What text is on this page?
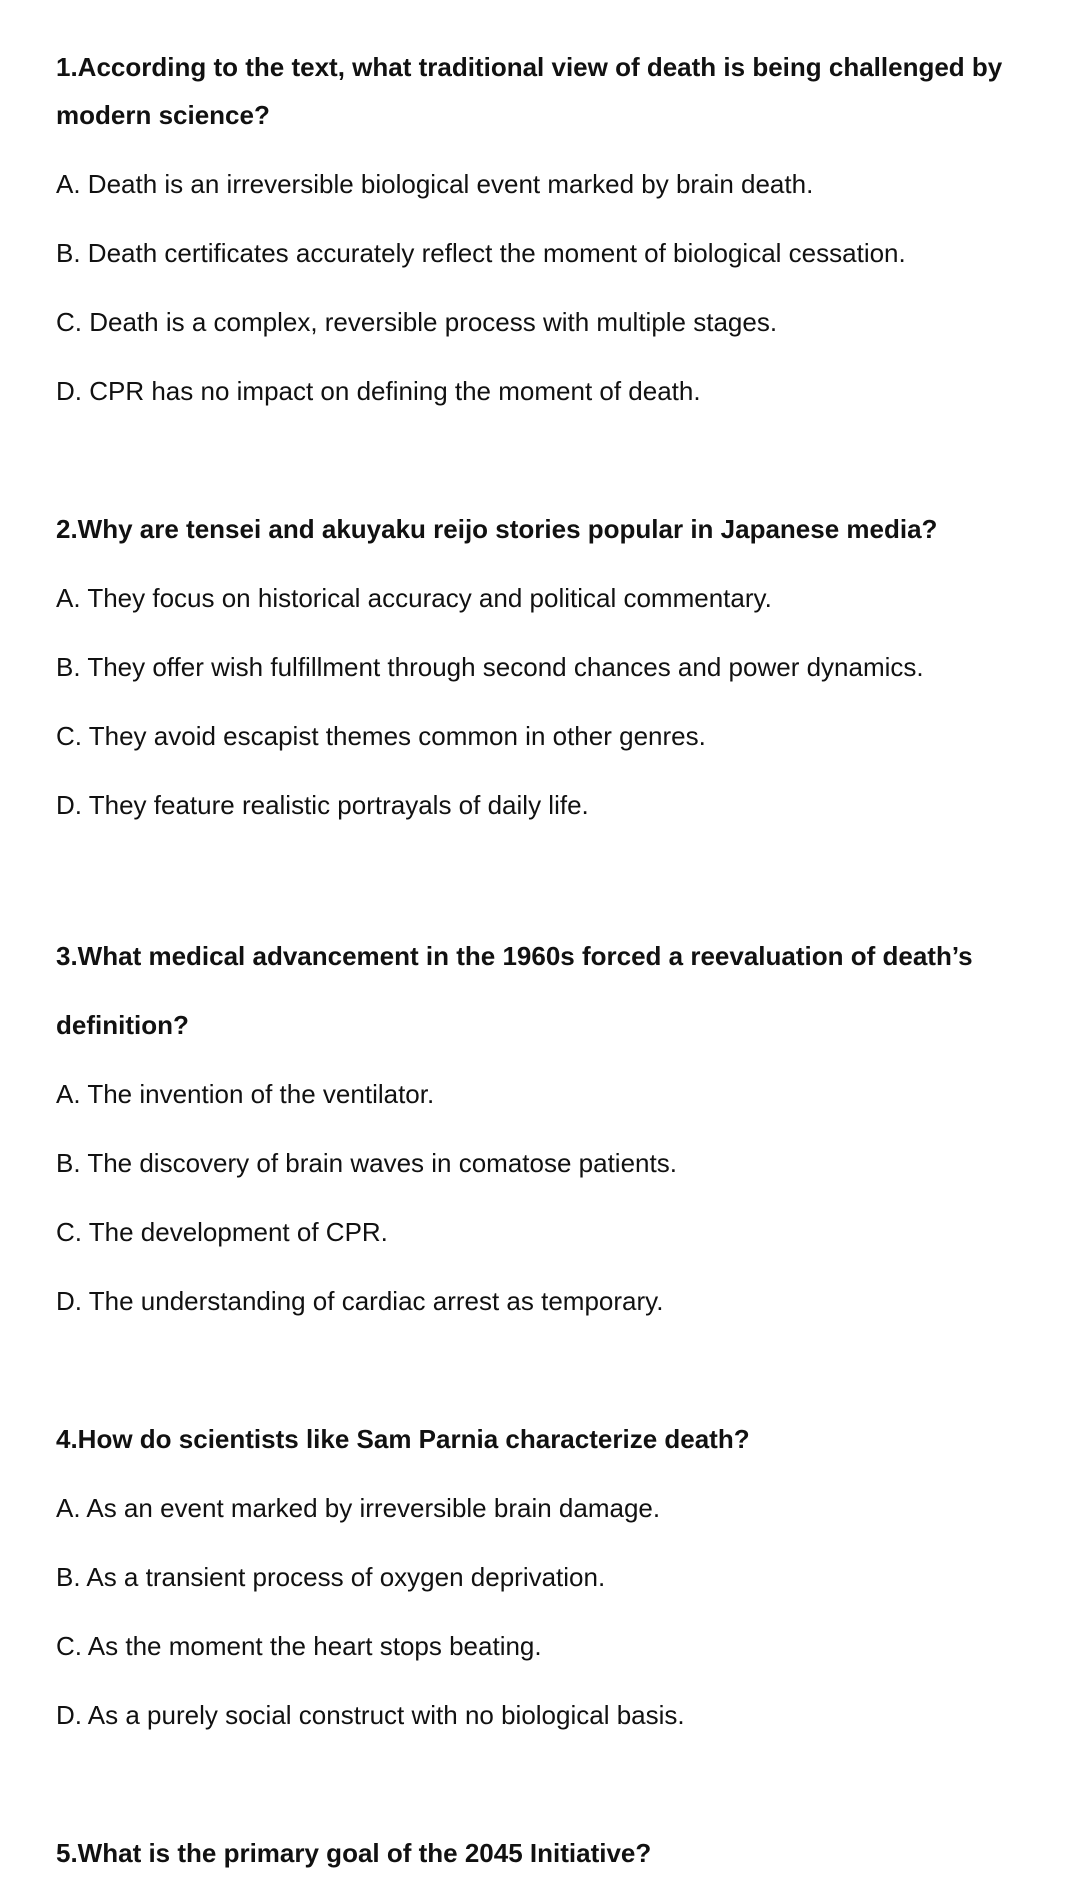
1.According to the text, what traditional view of death is being challenged by
modern science?
A. Death is an irreversible biological event marked by brain death.
B. Death certificates accurately reflect the moment of biological cessation.
C. Death is a complex, reversible process with multiple stages.
D. CPR has no impact on defining the moment of death.
2.Why are tensei and akuyaku reijo stories popular in Japanese media?
A. They focus on historical accuracy and political commentary.
B. They offer wish fulfillment through second chances and power dynamics.
C. They avoid escapist themes common in other genres.
D. They feature realistic portrayals of daily life.
3.What medical advancement in the 1960s forced a reevaluation of death’s
definition?
A. The invention of the ventilator.
B. The discovery of brain waves in comatose patients.
C. The development of CPR.
D. The understanding of cardiac arrest as temporary.
4.How do scientists like Sam Parnia characterize death?
A. As an event marked by irreversible brain damage.
B. As a transient process of oxygen deprivation.
C. As the moment the heart stops beating.
D. As a purely social construct with no biological basis.
5.What is the primary goal of the 2045 Initiative?
